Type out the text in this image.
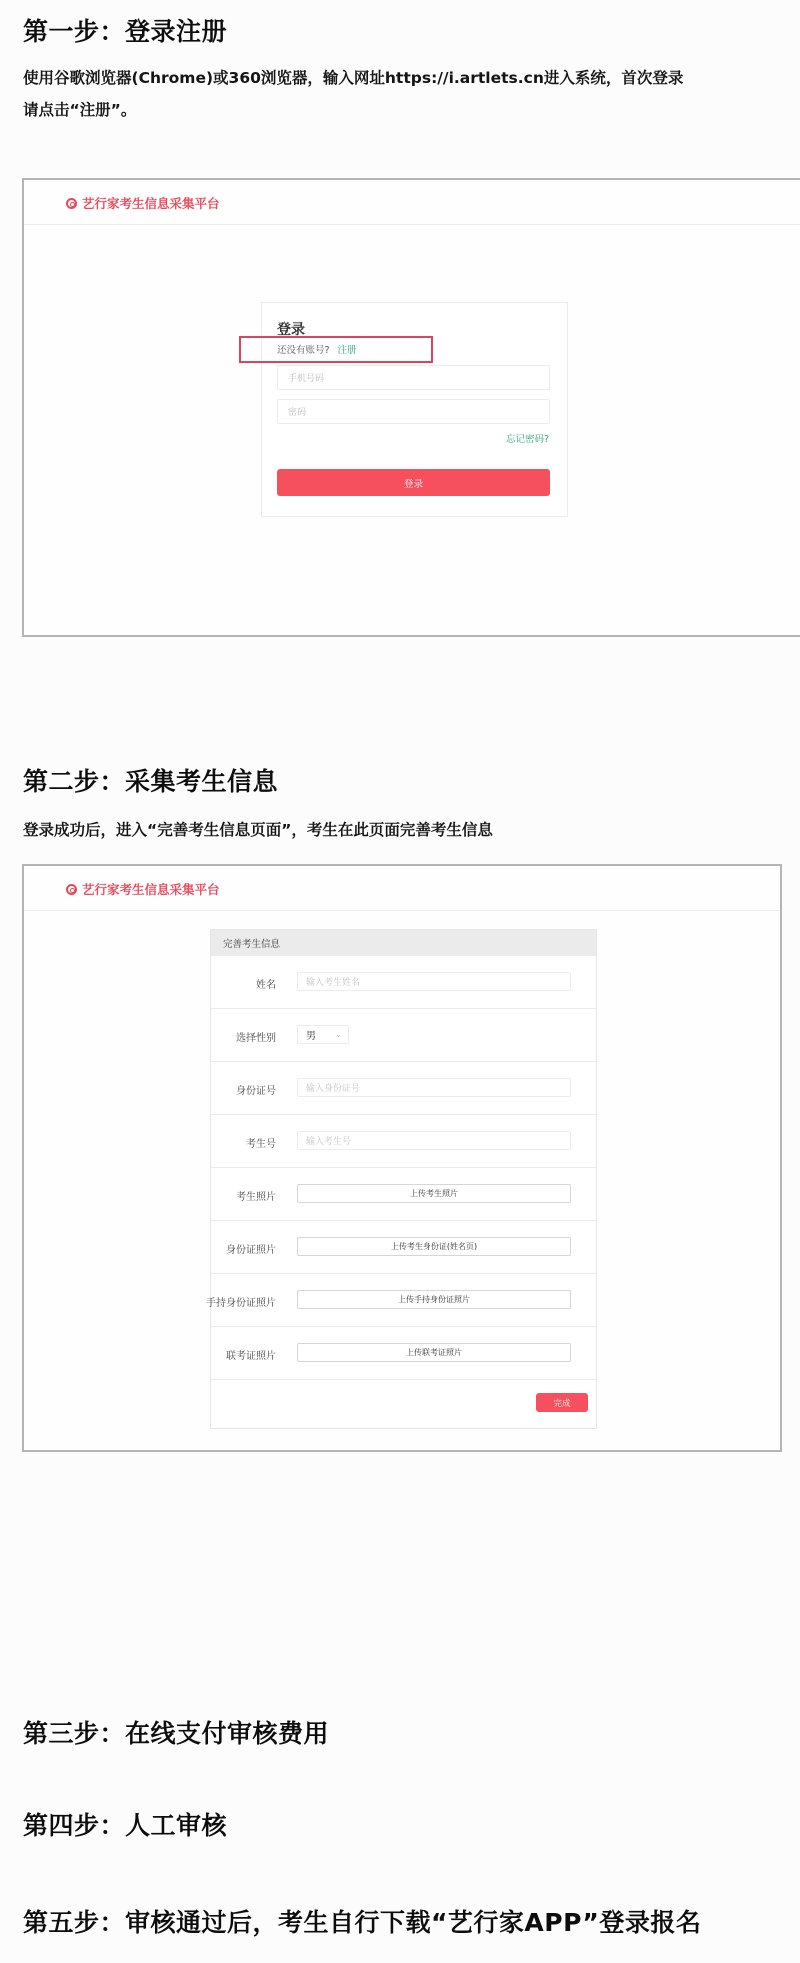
第一步：登录注册
使用谷歌浏览器(Chrome)或360浏览器，输入网址https://i.artlets.cn进入系统，首次登录
请点击“注册”。
艺行家考生信息采集平台
登录
还没有账号? 注册
手机号码
密码
忘记密码?
登录
第二步：采集考生信息
登录成功后，进入“完善考生信息页面”，考生在此页面完善考生信息
艺行家考生信息采集平台
完善考生信息
姓名	输入考生姓名
选择性别	男 ⌄
身份证号	输入身份证号
考生号	输入考生号
考生照片	上传考生照片
身份证照片	上传考生身份证(姓名页)
手持身份证照片	上传手持身份证照片
联考证照片	上传联考证照片
完成
第三步：在线支付审核费用
第四步：人工审核
第五步：审核通过后，考生自行下载“艺行家APP”登录报名
